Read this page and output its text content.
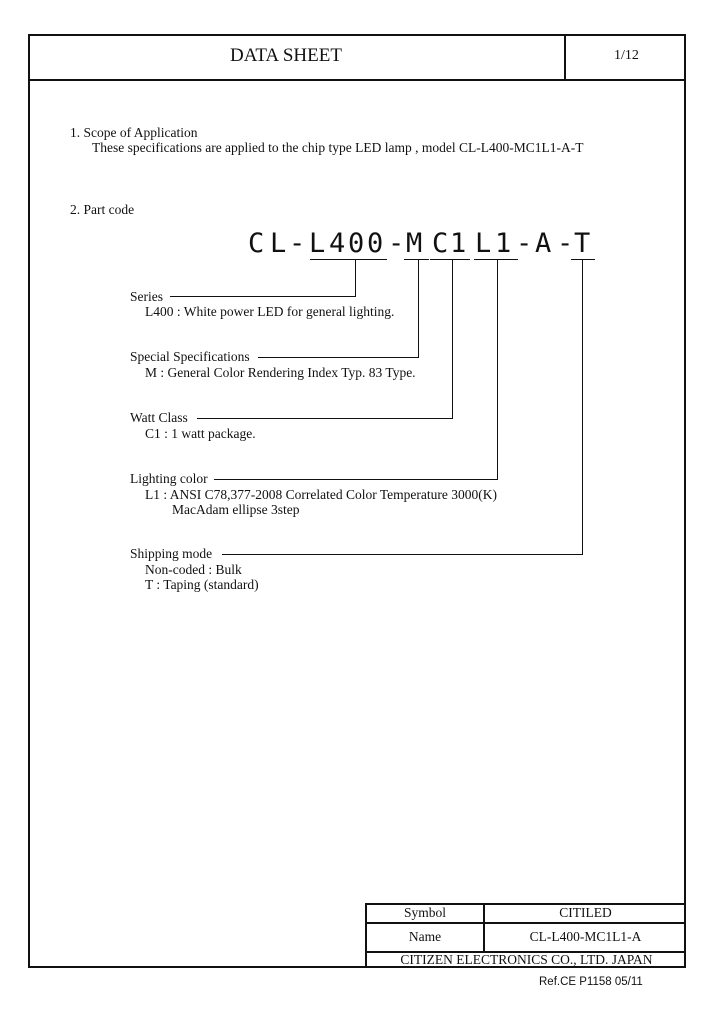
DATA SHEET	1/12
1. Scope of Application
These specifications are applied to the chip type LED lamp , model CL-L400-MC1L1-A-T
2. Part code
C L - L 4 0 0 - M C 1 L 1 - A - T
Series
L400 : White power LED for general lighting.
Special Specifications
M : General Color Rendering Index Typ. 83 Type.
Watt Class
C1 : 1 watt package.
Lighting color
L1 : ANSI C78,377-2008 Correlated Color Temperature 3000(K)
MacAdam ellipse 3step
Shipping mode
Non-coded : Bulk
T : Taping (standard)
Symbol	CITILED
Name	CL-L400-MC1L1-A
CITIZEN ELECTRONICS CO., LTD. JAPAN
Ref.CE P1158 05/11
